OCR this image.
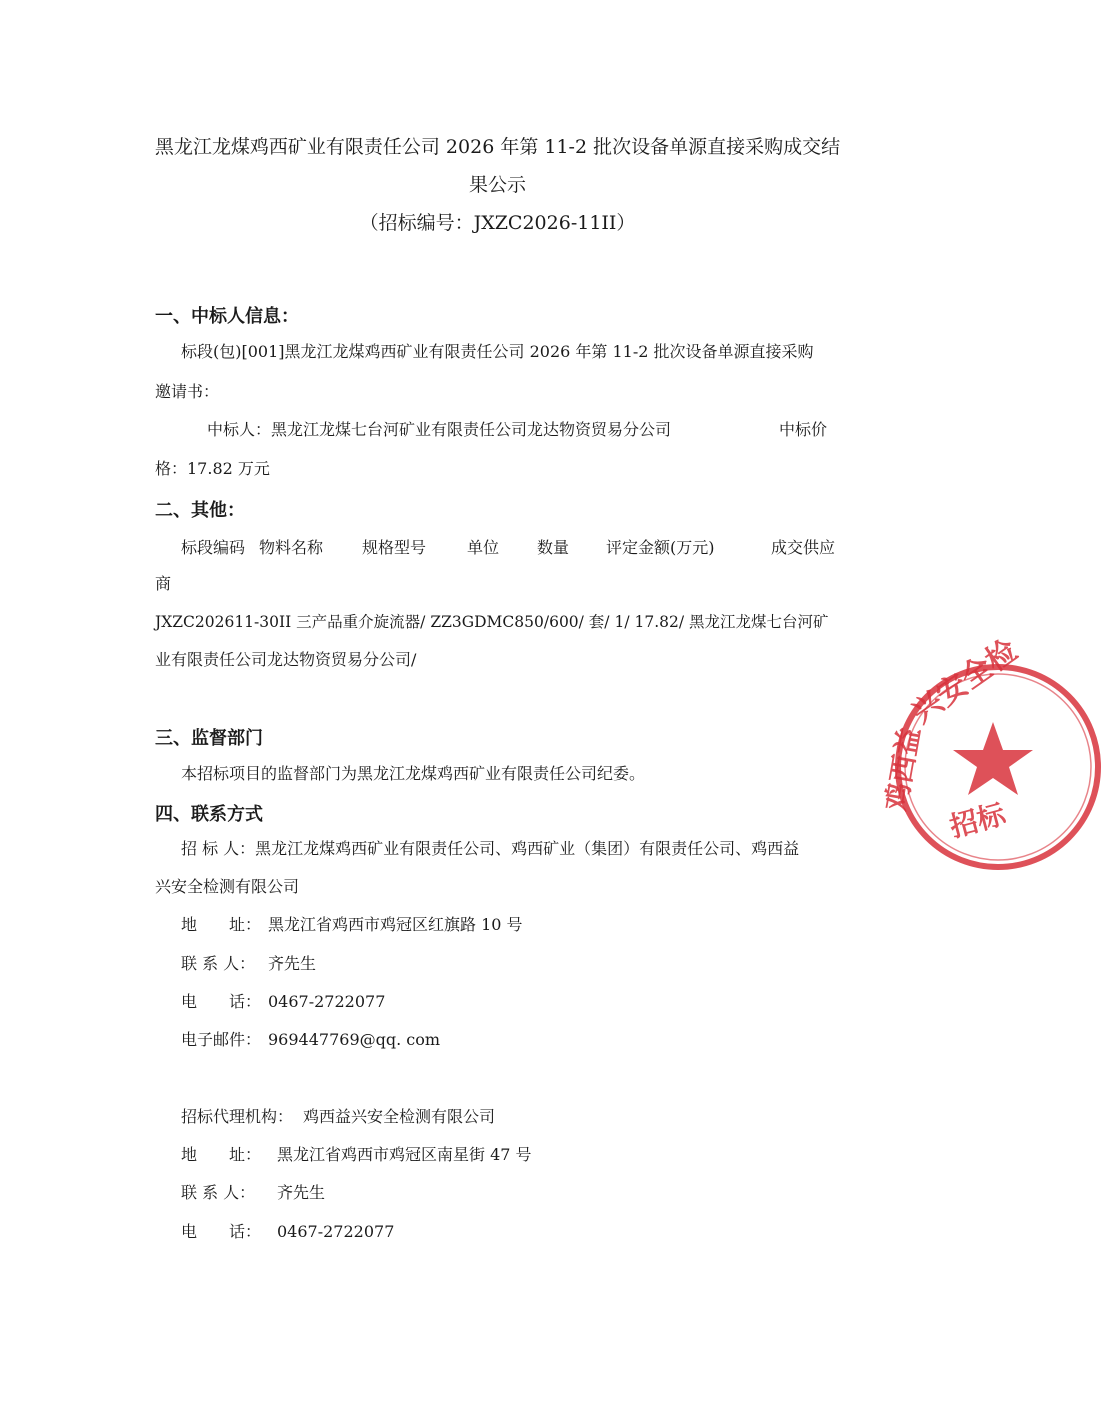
黑龙江龙煤鸡西矿业有限责任公司 2026 年第 11-2 批次设备单源直接采购成交结
果公示
（招标编号：JXZC2026-11II）
一、中标人信息：
标段(包)[001]黑龙江龙煤鸡西矿业有限责任公司 2026 年第 11-2 批次设备单源直接采购
邀请书：
中标人：黑龙江龙煤七台河矿业有限责任公司龙达物资贸易分公司	中标价
格：17.82 万元
二、其他：
标段编码 物料名称 规格型号	单位 数量 评定金额(万元)	成交供应
商
JXZC202611-30II 三产品重介旋流器/ ZZ3GDMC850/600/ 套/ 1/ 17.82/ 黑龙江龙煤七台河矿
业有限责任公司龙达物资贸易分公司/
三、监督部门
本招标项目的监督部门为黑龙江龙煤鸡西矿业有限责任公司纪委。
四、联系方式
招 标 人：黑龙江龙煤鸡西矿业有限责任公司、鸡西矿业（集团）有限责任公司、鸡西益
兴安全检测有限公司
地　　址： 黑龙江省鸡西市鸡冠区红旗路 10 号
联 系 人： 齐先生
电　　话： 0467-2722077
电子邮件： 969447769@qq. com
招标代理机构： 鸡西益兴安全检测有限公司
地　　址： 黑龙江省鸡西市鸡冠区南星街 47 号
联 系 人： 齐先生
电　　话： 0467-2722077
兴安全检
鸡西益
招标
